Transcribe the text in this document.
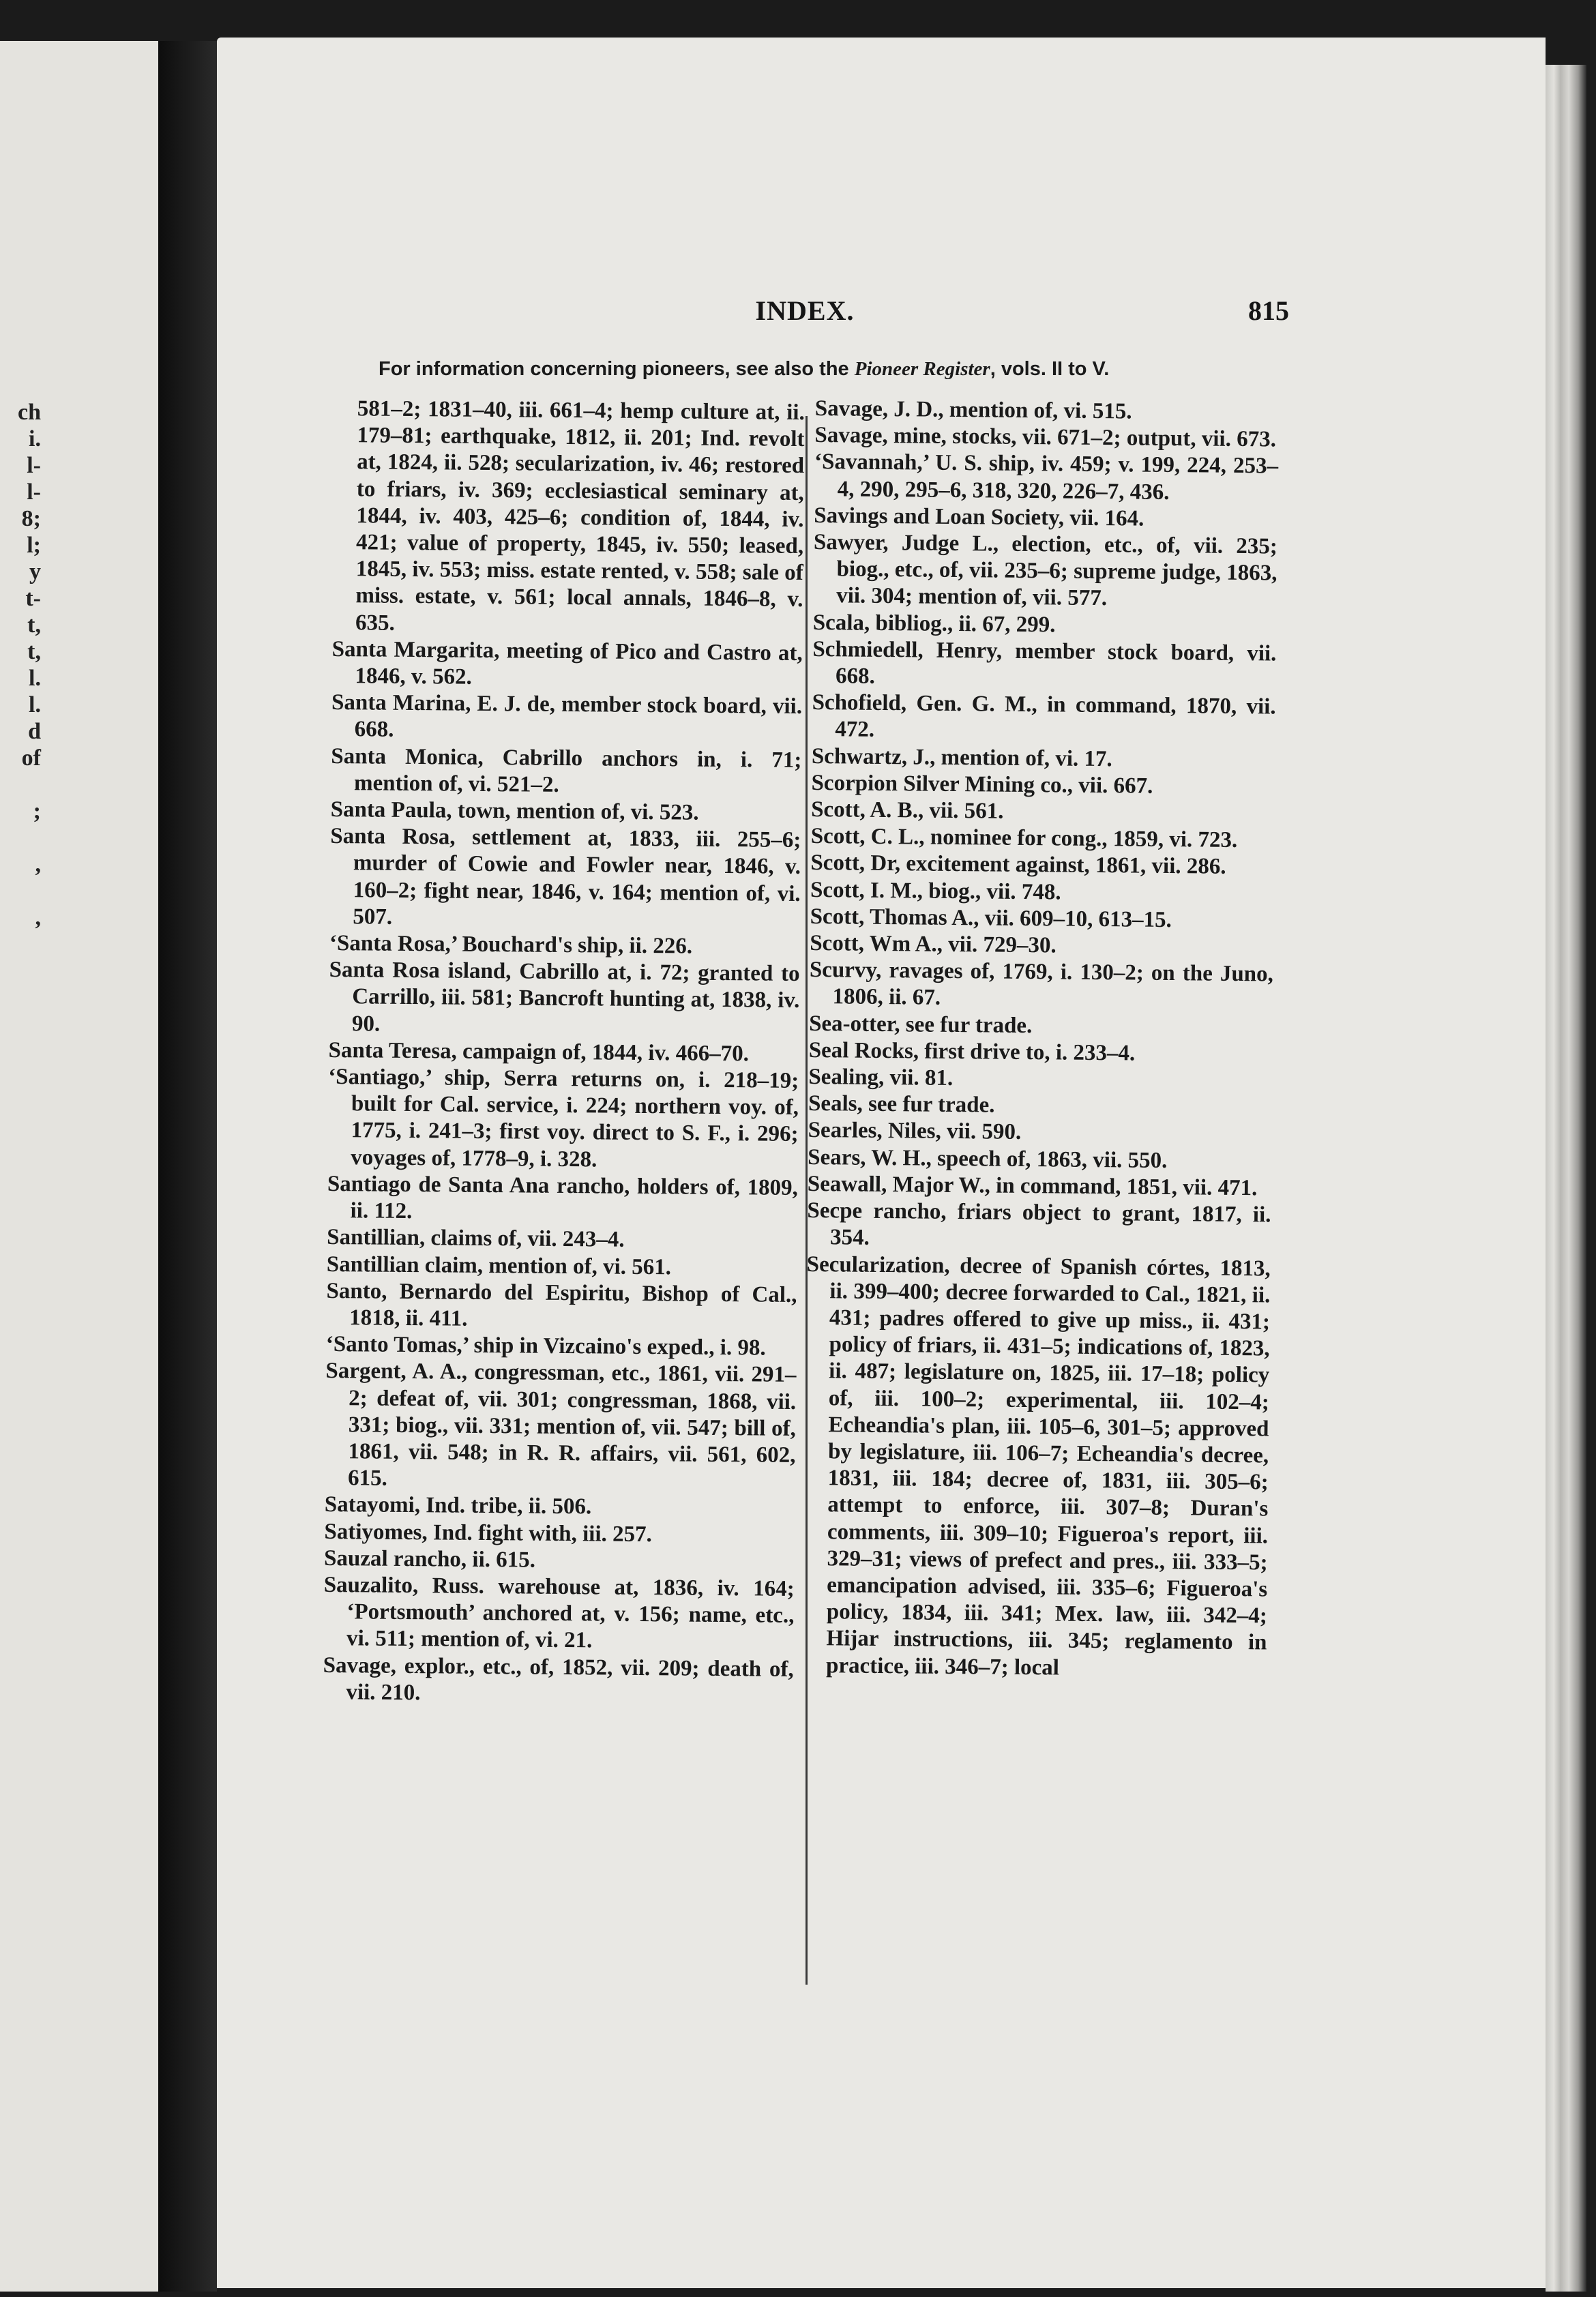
ch
i.
l-
l-
8;
l;
y
t-
t,
t,
l.
l.
d
of
;
,
,
INDEX.	815
For information concerning pioneers, see also the Pioneer Register, vols. II to V.

581–2; 1831–40, iii. 661–4; hemp culture at, ii. 179–81; earthquake, 1812, ii. 201; Ind. revolt at, 1824, ii. 528; secularization, iv. 46; restored to friars, iv. 369; ecclesiastical seminary at, 1844, iv. 403, 425–6; condition of, 1844, iv. 421; value of property, 1845, iv. 550; leased, 1845, iv. 553; miss. estate rented, v. 558; sale of miss. estate, v. 561; local annals, 1846–8, v. 635.

Santa Margarita, meeting of Pico and Castro at, 1846, v. 562.

Santa Marina, E. J. de, member stock board, vii. 668.

Santa Monica, Cabrillo anchors in, i. 71; mention of, vi. 521–2.

Santa Paula, town, mention of, vi. 523.

Santa Rosa, settlement at, 1833, iii. 255–6; murder of Cowie and Fowler near, 1846, v. 160–2; fight near, 1846, v. 164; mention of, vi. 507.

‘Santa Rosa,’ Bouchard's ship, ii. 226.

Santa Rosa island, Cabrillo at, i. 72; granted to Carrillo, iii. 581; Bancroft hunting at, 1838, iv. 90.

Santa Teresa, campaign of, 1844, iv. 466–70.

‘Santiago,’ ship, Serra returns on, i. 218–19; built for Cal. service, i. 224; northern voy. of, 1775, i. 241–3; first voy. direct to S. F., i. 296; voyages of, 1778–9, i. 328.

Santiago de Santa Ana rancho, holders of, 1809, ii. 112.

Santillian, claims of, vii. 243–4.

Santillian claim, mention of, vi. 561.

Santo, Bernardo del Espiritu, Bishop of Cal., 1818, ii. 411.

‘Santo Tomas,’ ship in Vizcaino's exped., i. 98.

Sargent, A. A., congressman, etc., 1861, vii. 291–2; defeat of, vii. 301; congressman, 1868, vii. 331; biog., vii. 331; mention of, vii. 547; bill of, 1861, vii. 548; in R. R. affairs, vii. 561, 602, 615.

Satayomi, Ind. tribe, ii. 506.

Satiyomes, Ind. fight with, iii. 257.

Sauzal rancho, ii. 615.

Sauzalito, Russ. warehouse at, 1836, iv. 164; ‘Portsmouth’ anchored at, v. 156; name, etc., vi. 511; mention of, vi. 21.

Savage, explor., etc., of, 1852, vii. 209; death of, vii. 210.

Savage, J. D., mention of, vi. 515.

Savage, mine, stocks, vii. 671–2; output, vii. 673.

‘Savannah,’ U. S. ship, iv. 459; v. 199, 224, 253–4, 290, 295–6, 318, 320, 226–7, 436.

Savings and Loan Society, vii. 164.

Sawyer, Judge L., election, etc., of, vii. 235; biog., etc., of, vii. 235–6; supreme judge, 1863, vii. 304; mention of, vii. 577.

Scala, bibliog., ii. 67, 299.

Schmiedell, Henry, member stock board, vii. 668.

Schofield, Gen. G. M., in command, 1870, vii. 472.

Schwartz, J., mention of, vi. 17.

Scorpion Silver Mining co., vii. 667.

Scott, A. B., vii. 561.

Scott, C. L., nominee for cong., 1859, vi. 723.

Scott, Dr, excitement against, 1861, vii. 286.

Scott, I. M., biog., vii. 748.

Scott, Thomas A., vii. 609–10, 613–15.

Scott, Wm A., vii. 729–30.

Scurvy, ravages of, 1769, i. 130–2; on the Juno, 1806, ii. 67.

Sea-otter, see fur trade.

Seal Rocks, first drive to, i. 233–4.

Sealing, vii. 81.

Seals, see fur trade.

Searles, Niles, vii. 590.

Sears, W. H., speech of, 1863, vii. 550.

Seawall, Major W., in command, 1851, vii. 471.

Secpe rancho, friars object to grant, 1817, ii. 354.

Secularization, decree of Spanish córtes, 1813, ii. 399–400; decree forwarded to Cal., 1821, ii. 431; padres offered to give up miss., ii. 431; policy of friars, ii. 431–5; indications of, 1823, ii. 487; legislature on, 1825, iii. 17–18; policy of, iii. 100–2; experimental, iii. 102–4; Echeandia's plan, iii. 105–6, 301–5; approved by legislature, iii. 106–7; Echeandia's decree, 1831, iii. 184; decree of, 1831, iii. 305–6; attempt to enforce, iii. 307–8; Duran's comments, iii. 309–10; Figueroa's report, iii. 329–31; views of prefect and pres., iii. 333–5; emancipation advised, iii. 335–6; Figueroa's policy, 1834, iii. 341; Mex. law, iii. 342–4; Hijar instructions, iii. 345; reglamento in practice, iii. 346–7; local
